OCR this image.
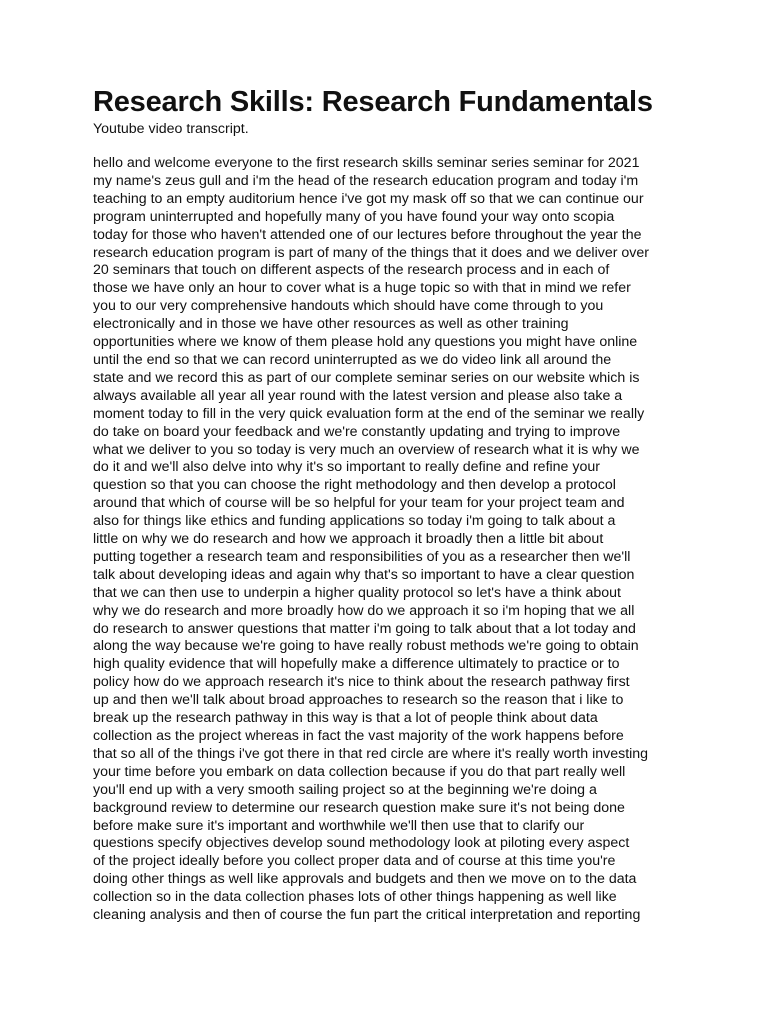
Research Skills: Research Fundamentals

Youtube video transcript.

hello and welcome everyone to the first research skills seminar series seminar for 2021
my name's zeus gull and i'm the head of the research education program and today i'm
teaching to an empty auditorium hence i've got my mask off so that we can continue our
program uninterrupted and hopefully many of you have found your way onto scopia
today for those who haven't attended one of our lectures before throughout the year the
research education program is part of many of the things that it does and we deliver over
20 seminars that touch on different aspects of the research process and in each of
those we have only an hour to cover what is a huge topic so with that in mind we refer
you to our very comprehensive handouts which should have come through to you
electronically and in those we have other resources as well as other training
opportunities where we know of them please hold any questions you might have online
until the end so that we can record uninterrupted as we do video link all around the
state and we record this as part of our complete seminar series on our website which is
always available all year all year round with the latest version and please also take a
moment today to fill in the very quick evaluation form at the end of the seminar we really
do take on board your feedback and we're constantly updating and trying to improve
what we deliver to you so today is very much an overview of research what it is why we
do it and we'll also delve into why it's so important to really define and refine your
question so that you can choose the right methodology and then develop a protocol
around that which of course will be so helpful for your team for your project team and
also for things like ethics and funding applications so today i'm going to talk about a
little on why we do research and how we approach it broadly then a little bit about
putting together a research team and responsibilities of you as a researcher then we'll
talk about developing ideas and again why that's so important to have a clear question
that we can then use to underpin a higher quality protocol so let's have a think about
why we do research and more broadly how do we approach it so i'm hoping that we all
do research to answer questions that matter i'm going to talk about that a lot today and
along the way because we're going to have really robust methods we're going to obtain
high quality evidence that will hopefully make a difference ultimately to practice or to
policy how do we approach research it's nice to think about the research pathway first
up and then we'll talk about broad approaches to research so the reason that i like to
break up the research pathway in this way is that a lot of people think about data
collection as the project whereas in fact the vast majority of the work happens before
that so all of the things i've got there in that red circle are where it's really worth investing
your time before you embark on data collection because if you do that part really well
you'll end up with a very smooth sailing project so at the beginning we're doing a
background review to determine our research question make sure it's not being done
before make sure it's important and worthwhile we'll then use that to clarify our
questions specify objectives develop sound methodology look at piloting every aspect
of the project ideally before you collect proper data and of course at this time you're
doing other things as well like approvals and budgets and then we move on to the data
collection so in the data collection phases lots of other things happening as well like
cleaning analysis and then of course the fun part the critical interpretation and reporting
